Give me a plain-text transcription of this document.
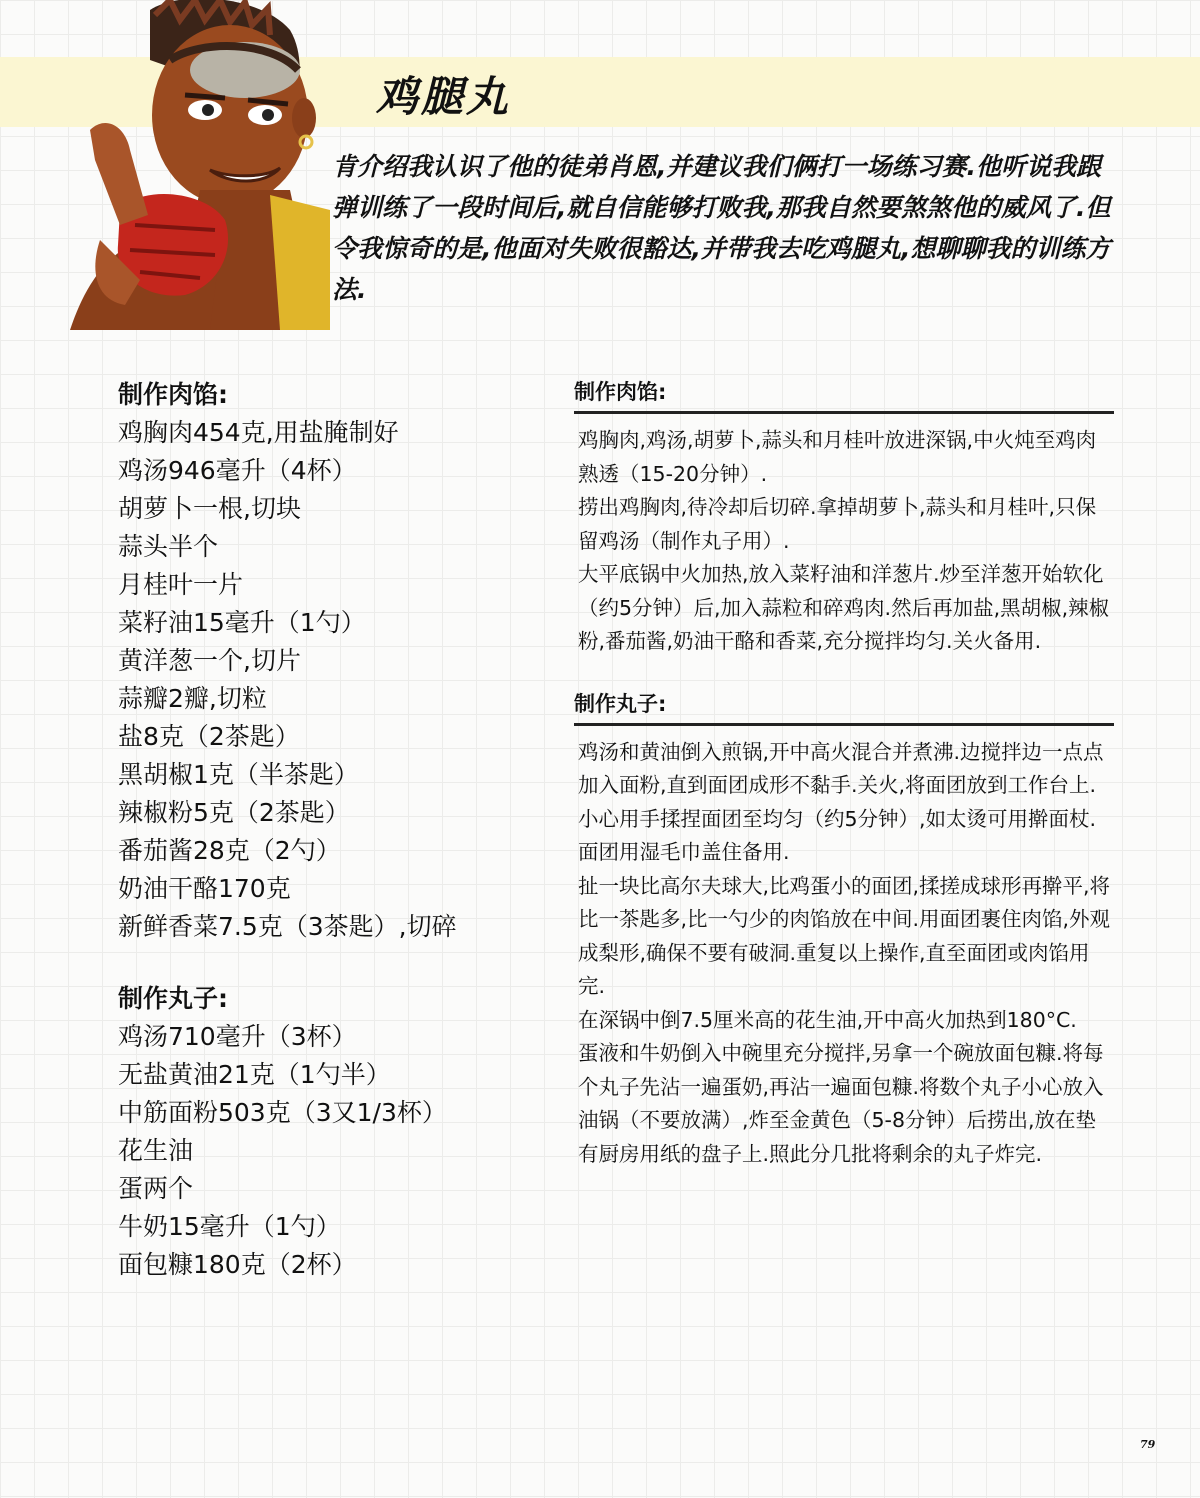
鸡腿丸

肯介绍我认识了他的徒弟肖恩,并建议我们俩打一场练习赛.他听说我跟弹训练了一段时间后,就自信能够打败我,那我自然要煞煞他的威风了.但令我惊奇的是,他面对失败很豁达,并带我去吃鸡腿丸,想聊聊我的训练方法.

制作肉馅:
鸡胸肉454克,用盐腌制好
鸡汤946毫升（4杯）
胡萝卜一根,切块
蒜头半个
月桂叶一片
菜籽油15毫升（1勺）
黄洋葱一个,切片
蒜瓣2瓣,切粒
盐8克（2茶匙）
黑胡椒1克（半茶匙）
辣椒粉5克（2茶匙）
番茄酱28克（2勺）
奶油干酪170克
新鲜香菜7.5克（3茶匙）,切碎
制作丸子:
鸡汤710毫升（3杯）
无盐黄油21克（1勺半）
中筋面粉503克（3又1/3杯）
花生油
蛋两个
牛奶15毫升（1勺）
面包糠180克（2杯）
制作肉馅:
鸡胸肉,鸡汤,胡萝卜,蒜头和月桂叶放进深锅,中火炖至鸡肉熟透（15-20分钟）.
捞出鸡胸肉,待冷却后切碎.拿掉胡萝卜,蒜头和月桂叶,只保留鸡汤（制作丸子用）.
大平底锅中火加热,放入菜籽油和洋葱片.炒至洋葱开始软化（约5分钟）后,加入蒜粒和碎鸡肉.然后再加盐,黑胡椒,辣椒粉,番茄酱,奶油干酪和香菜,充分搅拌均匀.关火备用.
制作丸子:
鸡汤和黄油倒入煎锅,开中高火混合并煮沸.边搅拌边一点点加入面粉,直到面团成形不黏手.关火,将面团放到工作台上.小心用手揉捏面团至均匀（约5分钟）,如太烫可用擀面杖.面团用湿毛巾盖住备用.
扯一块比高尔夫球大,比鸡蛋小的面团,揉搓成球形再擀平,将比一茶匙多,比一勺少的肉馅放在中间.用面团裹住肉馅,外观成梨形,确保不要有破洞.重复以上操作,直至面团或肉馅用完.
在深锅中倒7.5厘米高的花生油,开中高火加热到180°C.
蛋液和牛奶倒入中碗里充分搅拌,另拿一个碗放面包糠.将每个丸子先沾一遍蛋奶,再沾一遍面包糠.将数个丸子小心放入油锅（不要放满）,炸至金黄色（5-8分钟）后捞出,放在垫有厨房用纸的盘子上.照此分几批将剩余的丸子炸完.
79
